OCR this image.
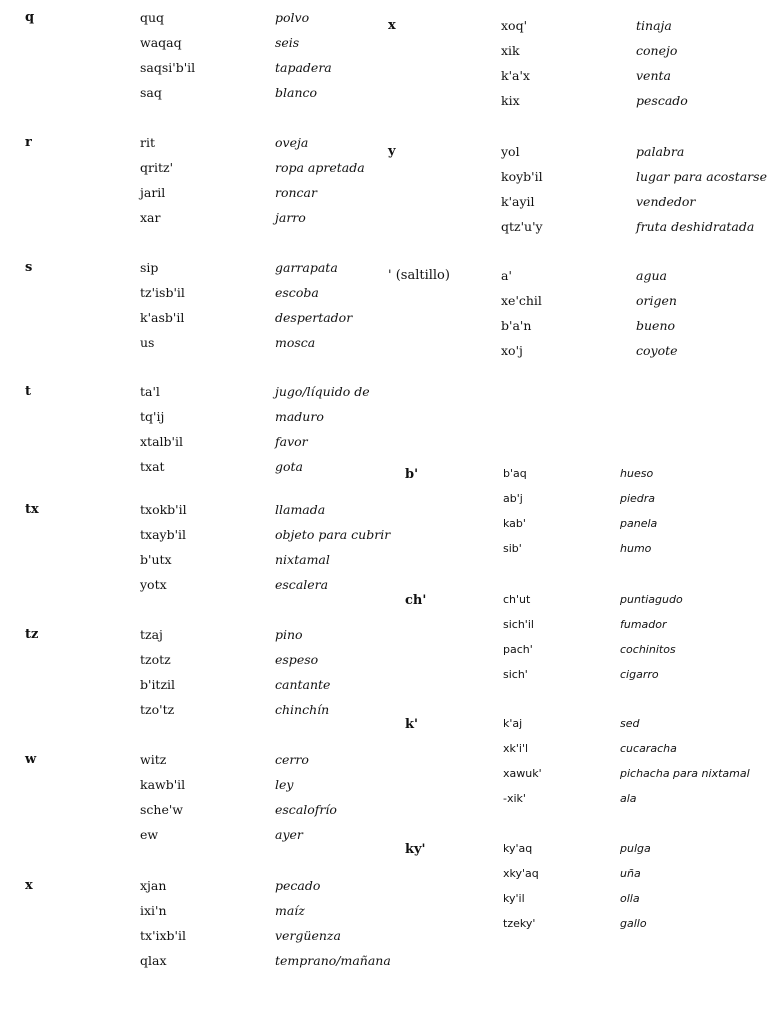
q	quq	polvo
waqaq	seis
saqsi'b'il	tapadera
saq	blanco
r	rit	oveja
qritz'	ropa apretada
jaril	roncar
xar	jarro
s	sip	garrapata
tz'isb'il	escoba
k'asb'il	despertador
us	mosca
t	ta'l	jugo/líquido de
tq'ij	maduro
xtalb'il	favor
txat	gota
tx	txokb'il	llamada
txayb'il	objeto para cubrir
b'utx	nixtamal
yotx	escalera
tz	tzaj	pino
tzotz	espeso
b'itzil	cantante
tzo'tz	chinchín
w	witz	cerro
kawb'il	ley
sche'w	escalofrío
ew	ayer
x	xjan	pecado
ixi'n	maíz
tx'ixb'il	vergüenza
qlax	temprano/mañana
x	xoq'	tinaja
xik	conejo
k'a'x	venta
kix	pescado
y	yol	palabra
koyb'il	lugar para acostarse
k'ayil	vendedor
qtz'u'y	fruta deshidratada
' (saltillo)	a'	agua
xe'chil	origen
b'a'n	bueno
xo'j	coyote
b'	b'aq	hueso
ab'j	piedra
kab'	panela
sib'	humo
ch'	ch'ut	puntiagudo
sich'il	fumador
pach'	cochinitos
sich'	cigarro
k'	k'aj	sed
xk'i'l	cucaracha
xawuk'	pichacha para nixtamal
-xik'	ala
ky'	ky'aq	pulga
xky'aq	uña
ky'il	olla
tzeky'	gallo
